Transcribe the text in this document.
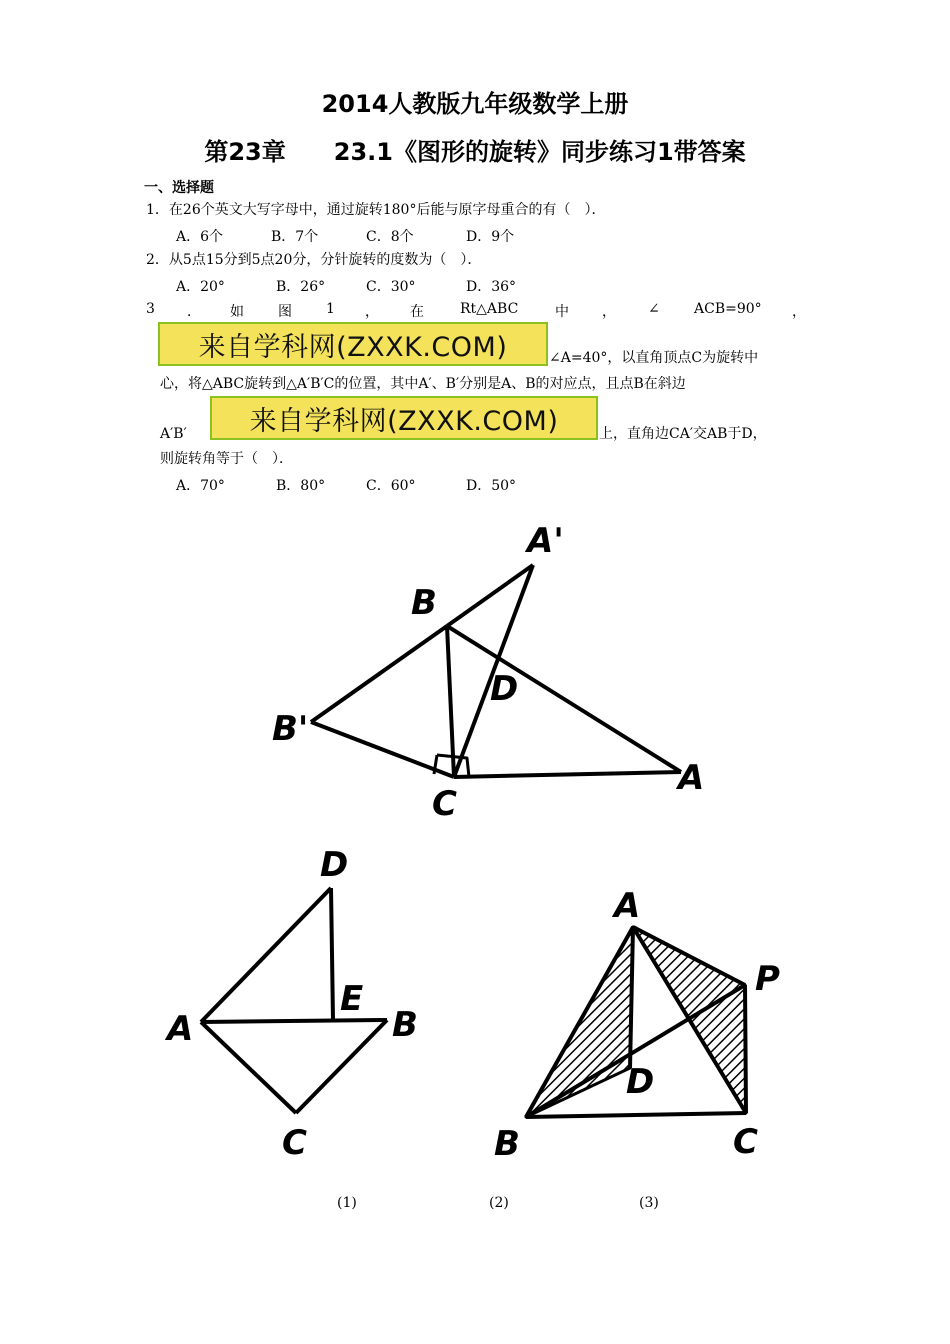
2014人教版九年级数学上册
第23章　　23.1《图形的旋转》同步练习1带答案
一、选择题
1．在26个英文大写字母中，通过旋转180°后能与原字母重合的有（　）．
A．6个	B．7个	C．8个	D．9个
2．从5点15分到5点20分，分针旋转的度数为（　）．
A．20°	B．26°	C．30°	D．36°
3 ． 如 图 1 ， 在	Rt△ABC	中 ， ∠ ACB=90° ，
来自学科网(ZXXK.COM)	∠A=40°，以直角顶点C为旋转中
心，将△ABC旋转到△A′B′C的位置，其中A′、B′分别是A、B的对应点，且点B在斜边
A′B′	来自学科网(ZXXK.COM)	上，直角边CA′交AB于D，
则旋转角等于（　）．
A．70°	B．80°	C．60°	D．50°
A'
B
D
B'
C
A
D
E
A	B
C
A
P
D
B	C
(1)	(2)	(3)
